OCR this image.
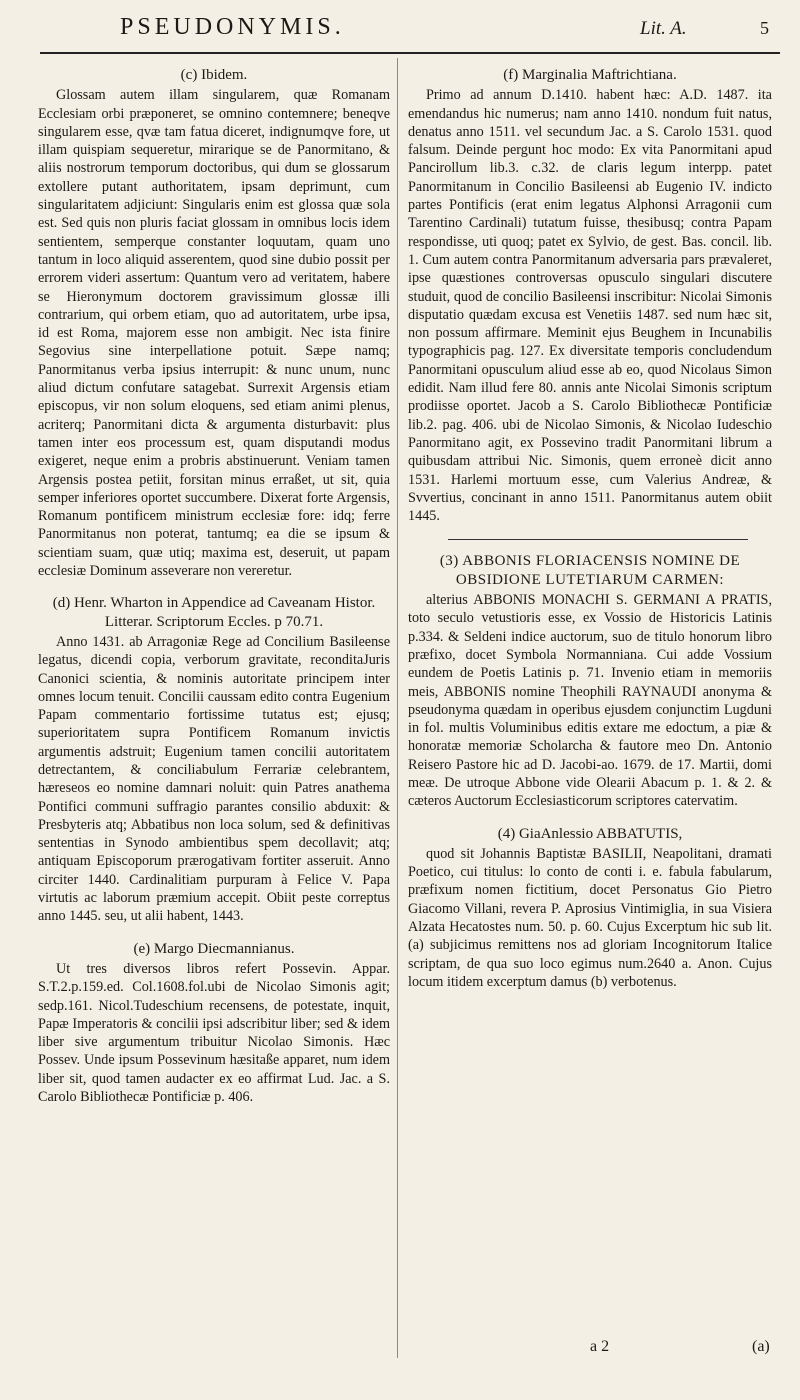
PSEUDONYMIS.	Lit. A.	5
(c) Ibidem.

Glossam autem illam singularem, quæ Romanam Ecclesiam orbi præponeret, se omnino contemnere; beneqve singularem esse, qvæ tam fatua diceret, indignumqve fore, ut illam quispiam sequeretur, mirarique se de Panormitano, & aliis nostrorum temporum doctoribus, qui dum se glossarum extollere putant authoritatem, ipsam deprimunt, cum singularitatem adjiciunt: Singularis enim est glossa quæ sola est. Sed quis non pluris faciat glossam in omnibus locis idem sentientem, semperque constanter loquutam, quam uno tantum in loco aliquid asserentem, quod sine dubio possit per errorem videri assertum: Quantum vero ad veritatem, habere se Hieronymum doctorem gravissimum glossæ illi contrarium, qui orbem etiam, quo ad autoritatem, urbe ipsa, id est Roma, majorem esse non ambigit. Nec ista finire Segovius sine interpellatione potuit. Sæpe namq; Panormitanus verba ipsius interrupit: & nunc unum, nunc aliud dictum confutare satagebat. Surrexit Argensis etiam episcopus, vir non solum eloquens, sed etiam animi plenus, acriterq; Panormitani dicta & argumenta disturbavit: plus tamen inter eos processum est, quam disputandi modus exigeret, neque enim a probris abstinuerunt. Veniam tamen Argensis postea petiit, forsitan minus erraßet, ut sit, quia semper inferiores oportet succumbere. Dixerat forte Argensis, Romanum pontificem ministrum ecclesiæ fore: idq; ferre Panormitanus non poterat, tantumq; ea die se ipsum & scientiam suam, quæ utiq; maxima est, deseruit, ut papam ecclesiæ Dominum asseverare non vereretur.

(d) Henr. Wharton in Appendice ad Caveanam Histor. Litterar. Scriptorum Eccles. p 70.71.

Anno 1431. ab Arragoniæ Rege ad Concilium Basileense legatus, dicendi copia, verborum gravitate, reconditaJuris Canonici scientia, & nominis autoritate principem inter omnes locum tenuit. Concilii caussam edito contra Eugenium Papam commentario fortissime tutatus est; ejusq; superioritatem supra Pontificem Romanum invictis argumentis adstruit; Eugenium tamen concilii autoritatem detrectantem, & conciliabulum Ferrariæ celebrantem, hæreseos eo nomine damnari noluit: quin Patres anathema Pontifici communi suffragio parantes consilio abduxit: & Presbyteris atq; Abbatibus non loca solum, sed & definitivas sententias in Synodo ambientibus spem decollavit; atq; antiquam Episcoporum prærogativam fortiter asseruit. Anno circiter 1440. Cardinalitiam purpuram à Felice V. Papa virtutis ac laborum præmium accepit. Obiit peste correptus anno 1445. seu, ut alii habent, 1443.

(e) Margo Diecmannianus.

Ut tres diversos libros refert Possevin. Appar. S.T.2.p.159.ed. Col.1608.fol.ubi de Nicolao Simonis agit; sedp.161. Nicol.Tudeschium recensens, de potestate, inquit, Papæ Imperatoris & concilii ipsi adscribitur liber; sed & idem liber sive argumentum tribuitur Nicolao Simonis. Hæc Possev. Unde ipsum Possevinum hæsitaße apparet, num idem liber sit, quod tamen audacter ex eo affirmat Lud. Jac. a S. Carolo Bibliothecæ Pontificiæ p. 406.

(f) Marginalia Maftrichtiana.

Primo ad annum D.1410. habent hæc: A.D. 1487. ita emendandus hic numerus; nam anno 1410. nondum fuit natus, denatus anno 1511. vel secundum Jac. a S. Carolo 1531. quod falsum. Deinde pergunt hoc modo: Ex vita Panormitani apud Pancirollum lib.3. c.32. de claris legum interpp. patet Panormitanum in Concilio Basileensi ab Eugenio IV. indicto partes Pontificis (erat enim legatus Alphonsi Arragonii cum Tarentino Cardinali) tutatum fuisse, thesibusq; contra Papam respondisse, uti quoq; patet ex Sylvio, de gest. Bas. concil. lib. 1. Cum autem contra Panormitanum adversaria pars prævaleret, ipse quæstiones controversas opusculo singulari discutere studuit, quod de concilio Basileensi inscribitur: Nicolai Simonis disputatio quædam excusa est Venetiis 1487. sed num hæc sit, non possum affirmare. Meminit ejus Beughem in Incunabilis typographicis pag. 127. Ex diversitate temporis concludendum Panormitani opusculum aliud esse ab eo, quod Nicolaus Simon edidit. Nam illud fere 80. annis ante Nicolai Simonis scriptum prodiisse oportet. Jacob a S. Carolo Bibliothecæ Pontificiæ lib.2. pag. 406. ubi de Nicolao Simonis, & Nicolao Iudeschio Panormitano agit, ex Possevino tradit Panormitani librum a quibusdam attribui Nic. Simonis, quem erroneè dicit anno 1531. Harlemi mortuum esse, cum Valerius Andreæ, & Svvertius, concinant in anno 1511. Panormitanus autem obiit 1445.

(3) ABBONIS FLORIACENSIS NOMINE DE OBSIDIONE LUTETIARUM CARMEN:

alterius ABBONIS MONACHI S. GERMANI A PRATIS, toto seculo vetustioris esse, ex Vossio de Historicis Latinis p.334. & Seldeni indice auctorum, suo de titulo honorum libro præfixo, docet Symbola Normanniana. Cui adde Vossium eundem de Poetis Latinis p. 71. Invenio etiam in memoriis meis, ABBONIS nomine Theophili RAYNAUDI anonyma & pseudonyma quædam in operibus ejusdem conjunctim Lugduni in fol. multis Voluminibus editis extare me edoctum, a piæ & honoratæ memoriæ Scholarcha & fautore meo Dn. Antonio Reisero Pastore hic ad D. Jacobi-ao. 1679. de 17. Martii, domi meæ. De utroque Abbone vide Olearii Abacum p. 1. & 2. & cæteros Auctorum Ecclesiasticorum scriptores catervatim.

(4) GiaAnlessio ABBATUTIS,

quod sit Johannis Baptistæ BASILII, Neapolitani, dramati Poetico, cui titulus: lo conto de conti i. e. fabula fabularum, præfixum nomen fictitium, docet Personatus Gio Pietro Giacomo Villani, revera P. Aprosius Vintimiglia, in sua Visiera Alzata Hecatostes num. 50. p. 60. Cujus Excerptum hic sub lit. (a) subjicimus remittens nos ad gloriam Incognitorum Italice scriptam, de qua suo loco egimus num.2640 a. Anon. Cujus locum itidem excerptum damus (b) verbotenus.

a 2	(a)
